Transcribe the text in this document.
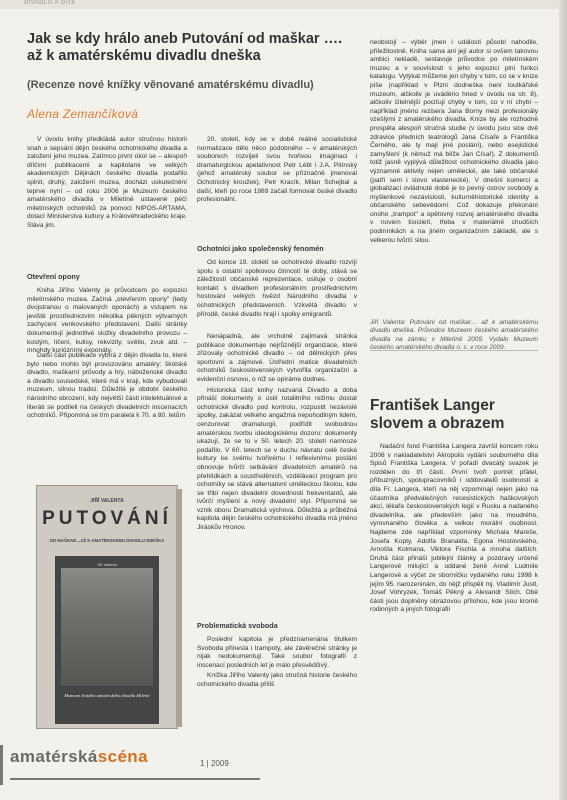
DIVADLO A DÍTĚ
Jak se kdy hrálo aneb Putování od maškar …. až k amatérskému divadlu dneška
(Recenze nové knížky věnované amatérskému divadlu)
Alena Zemančíková

V úvodu knihy předkládá autor stručnou historii snah o sepsání dějin českého ochotnického divadla a založení jeho muzea. Zatímco první úkol se – alespoň dílčími publikacemi a kapitolami ve velkých akademických Dějinách českého divadla podařilo splnit, druhý, založení muzea, docházi uskutečnění teprve nyní – od roku 2006 je Muzeum českého amatérského divadla v Miletíně ustavené péčí miletínských ochotníků za pomoci NIPOS-ARTAMA, dotací Ministerstva kultury a Královéhradeckého kraje. Sláva jim.

Otevření opony

Kniha Jiřího Valenty je průvodcem po expozici miletínského muzea. Začíná „otevřením opony" (tedy dvojstranou o malovaných oponách) a vstupem na jeviště prostřednictvím několika pěkných výtvarných zachycení venkovského představení. Další stránky dokumentují jednotlivé složky divadelního provozu – kostým, líčení, kulisy, rekvizity, světlo, zvuk atd. – mnohdy kuriózními exponáty.

Další část publikace vybírá z dějin divadla to, které bylo nebo mohlo být provozováno amatéry: školské divadlo, maškarní průvody a hry, náboženské divadlo a divadlo sousedské, které má v kraji, kde vybudovali muzeum, silnou tradici. Důležité je období českého národního obrození, kdy největší části intelektuálové a literáti se podíleli na českých divadelních inscenacích ochotníků. Připomíná se tím paralela k 70. a 80. letům

JIŘÍ VALENTA
PUTOVÁNÍ
OD MAŠKAR…AŽ K AMATÉRSKÉMU DIVADLU DNEŠKA
Jiří Valenta
Muzeum českého amatérského divadla Miletín

20. století, kdy se v době reálné socialistické normalizace dělo něco podobného – v amatérských souborech rozvíjeli svou tvořivou imaginaci i dramaturgickou apelativnost Petr Lébl i J.A. Pitínský (jehož amatérský soubor se příznačně jmenoval Ochotnický kroužek), Petr Kracík, Milan Schejbal a další, kteří po roce 1989 začali formovat české divadlo profesionální.

Ochotníci jako společenský fenomén

Od konce 19. století se ochotnické divadlo rozvíjí spolu s ostatní spolkovou činností té doby, stává se záležitostí občanské reprezentace, usiluje o osobní kontakt s divadlem profesionálním prostřednictvím hostování velkých hvězd Národního divadla v ochotnických představeních. Vzkvétá divadlo v přírodě, české divadlo hrají i spolky emigrantů.

Nenápadná, ale vrcholně zajímavá stránka publikace dokumentuje nejrůznější organizace, které zřizovaly ochotnické divadlo – od dělnických přes sportovní a zájmové. Ústřední matice divadelních ochotníků československých vytvořila organizační a evidenční osnovu, o níž se opíráme dodnes.

Historická část knihy nazvaná Divadlo a doba přináší dokumenty o úsilí totalitního režimu dostat ochotnické divadlo pod kontrolu, rozpustit nezávislé spolky, zakázat velkého angažmá nepohodlným lidem, cenzurovat dramaturgii, podřídit svobodnou amatérskou tvorbu ideologickému dozoru: dokumenty ukazují, že se to v 50. letech 20. století namnoze podařilo. V 60. letech se v duchu návratu celé české kultury ke svému tvořivému i reflexivnímu poslání obnovuje tvůrčí setkávání divadelních amatérů na přehlídkách a soustředěních, vzdělávací program pro ochotníky se stává alternativní uměleckou školou, kde se třibí nejen divadelní dovednosti frekventantů, ale tvůrčí myšlení a nový divadelní styl. Připomíná se vznik oboru Dramatická výchova. Důležitá a průběžná kapitola dějin českého ochotnického divadla má jméno Jiráskův Hronov.

Problematická svoboda

Poslední kapitola je předznamenána titulkem Svoboda přinesla i trampoty, ale závěrečné stránky je nijak nedokumentují. Také soubor fotografií z inscenací posledních let je málo přesvědčivý.

Knížka Jiřího Valenty jako stručná historie českého ochotnického divadla příliš

neobstojí – výběr jmen i událostí působí nahodile, příležitostně. Kniha sama ani její autor si ovšem takovou ambici nekladě, sestavuje průvodce po miletínském muzeu a v souvislosti s jeho expozicí plní funkci katalogu. Vytýkat můžeme jen chyby v tom, co se v knize píše (například v Plzni dodneška není loutkářské muzeum, alčkoliv je uváděno hned v úvodu na str. 8), alčkoliv čitelnější pociťují chyby v tom, co v ní chybí – například jméno rezisera Jana Borny mezi profesionály vzešlými z amatérského divadla. Knize by ale rozhodně prospěla alespoň stručná studie (v úvodu jsou sice dvě zdravice předních teatrologů Jana Císaře a Františka Černého, ale ty mají jiné poslání), nebo esejistické zamyšlení (k němuž má blíže Jan Císař). Z dokumentů totiž jasně vyplývá důležitost ochotnického divadla jako významné aktivity nejen umělecké, ale také občanské (patří sem i slovo vlastenecké). V dnešní komerci a globalizací ovládnuté době je to pevný ostrov svobody a myšlenkové nezávislosti, kulturněhistorické identity a občanského sebevědomí. Což dokazuje překonání onoho „trampot" a opětovný rozvoj amatérského divadla v novém tisíciletí, třeba v materiálně chudších podmínkách a na jiném organizačním základě, ale s velkerou tvůrčí silou.

Jiří Valenta: Putování od maškar… až k amatérskému divadlu dneška. Průvodce Muzeem českého amatérského divadla na zámku v Miletíně 2009. Vydalo Muzeum českého amatérského divadla o. s. v roce 2009.

František Langer slovem a obrazem

Nadační fond Františka Langera završil koncem roku 2008 v nakladatelství Akropolis vydání souborného díla Spisů Františka Langera. V pořadí dvacátý svazek je rozdělen do tří částí. První tvoří portrét přátel, příbuzných, spolupracovníků i oddovatelů osobností a díla Fr. Langera, kteří na něj vzpomínají nejen jako na účastníka předválečných recesistických haškovských akcí, lékaře československých legií v Rusku a nadaného divadelníka, ale především jako na moudrého, vyrovnaného člověka a velkou morální osobnost. Najdeme zde například vzpomínky Michala Mareše, Josefa Kopty, Adolfa Branalda, Egona Hostovského, Arnošta Kolmana, Viktora Fischla a mnoha dalších. Druhá část přináší jubilejní články a pozdravy určené Langerové milující a oddané ženě Anně Ludmile Langerové a výčet ze sborníčku vydaného roku 1998 k jejím 95. narozeninám, do nějž přispěli mj. Vladimír Justl, Josef Vohryzek, Tomáš Pěkný a Alexandr Stich. Obě části jsou doplněny obrazovou přílohou, kde jsou kromě rodinných a jiných fotografií

amatérskáscéna	1 | 2009
